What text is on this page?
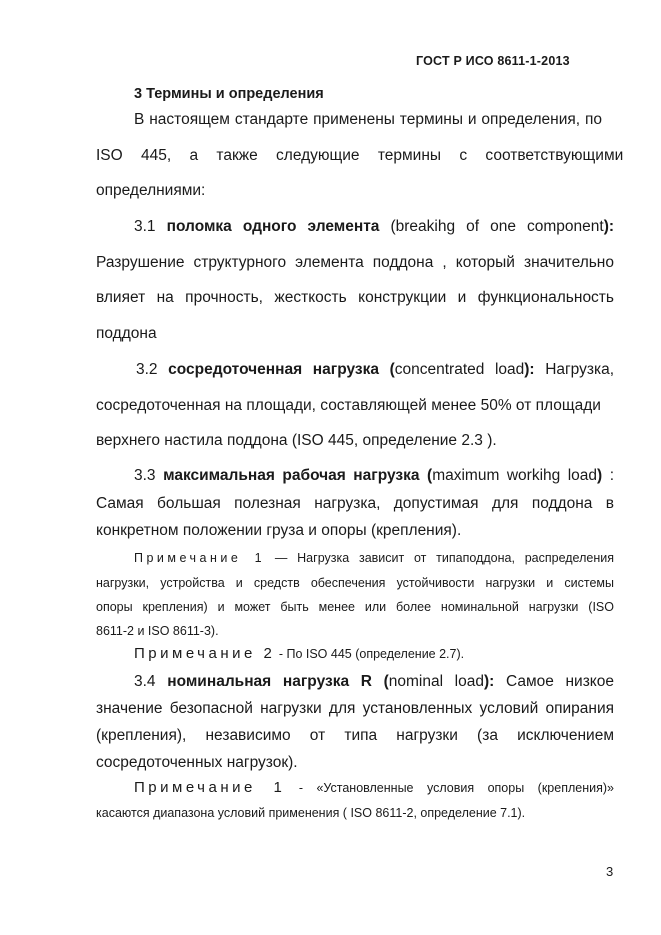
ГОСТ Р ИСО 8611-1-2013
3 Термины и определения
В настоящем стандарте применены термины и определения, по
ISO 445, а также следующие термины с соответствующими
определниями:
3.1 поломка одного элемента (breakihg of one component):
Разрушение структурного элемента поддона , который значительно
влияет на прочность, жесткость конструкции и функциональность
поддона
3.2 сосредоточенная нагрузка (concentrated load): Нагрузка,
сосредоточенная на площади, составляющей менее 50% от площади
верхнего настила поддона (ISO 445, определение 2.3 ).
3.3 максимальная рабочая нагрузка (maximum workihg load) :
Самая большая полезная нагрузка, допустимая для поддона в
конкретном положении груза и опоры (крепления).
Примечание 1 — Нагрузка зависит от типаподдона, распределения
нагрузки, устройства и средств обеспечения устойчивости нагрузки и системы
опоры крепления) и может быть менее или более номинальной нагрузки (ISO
8611-2 и ISO 8611-3).
Примечание 2 - По ISO 445 (определение 2.7).
3.4 номинальная нагрузка R (nominal load): Самое низкое
значение безопасной нагрузки для установленных условий опирания
(крепления), независимо от типа нагрузки (за исключением
сосредоточенных нагрузок).
Примечание 1 - «Установленные условия опоры (крепления)»
касаются диапазона условий применения ( ISO 8611-2, определение 7.1).
3
